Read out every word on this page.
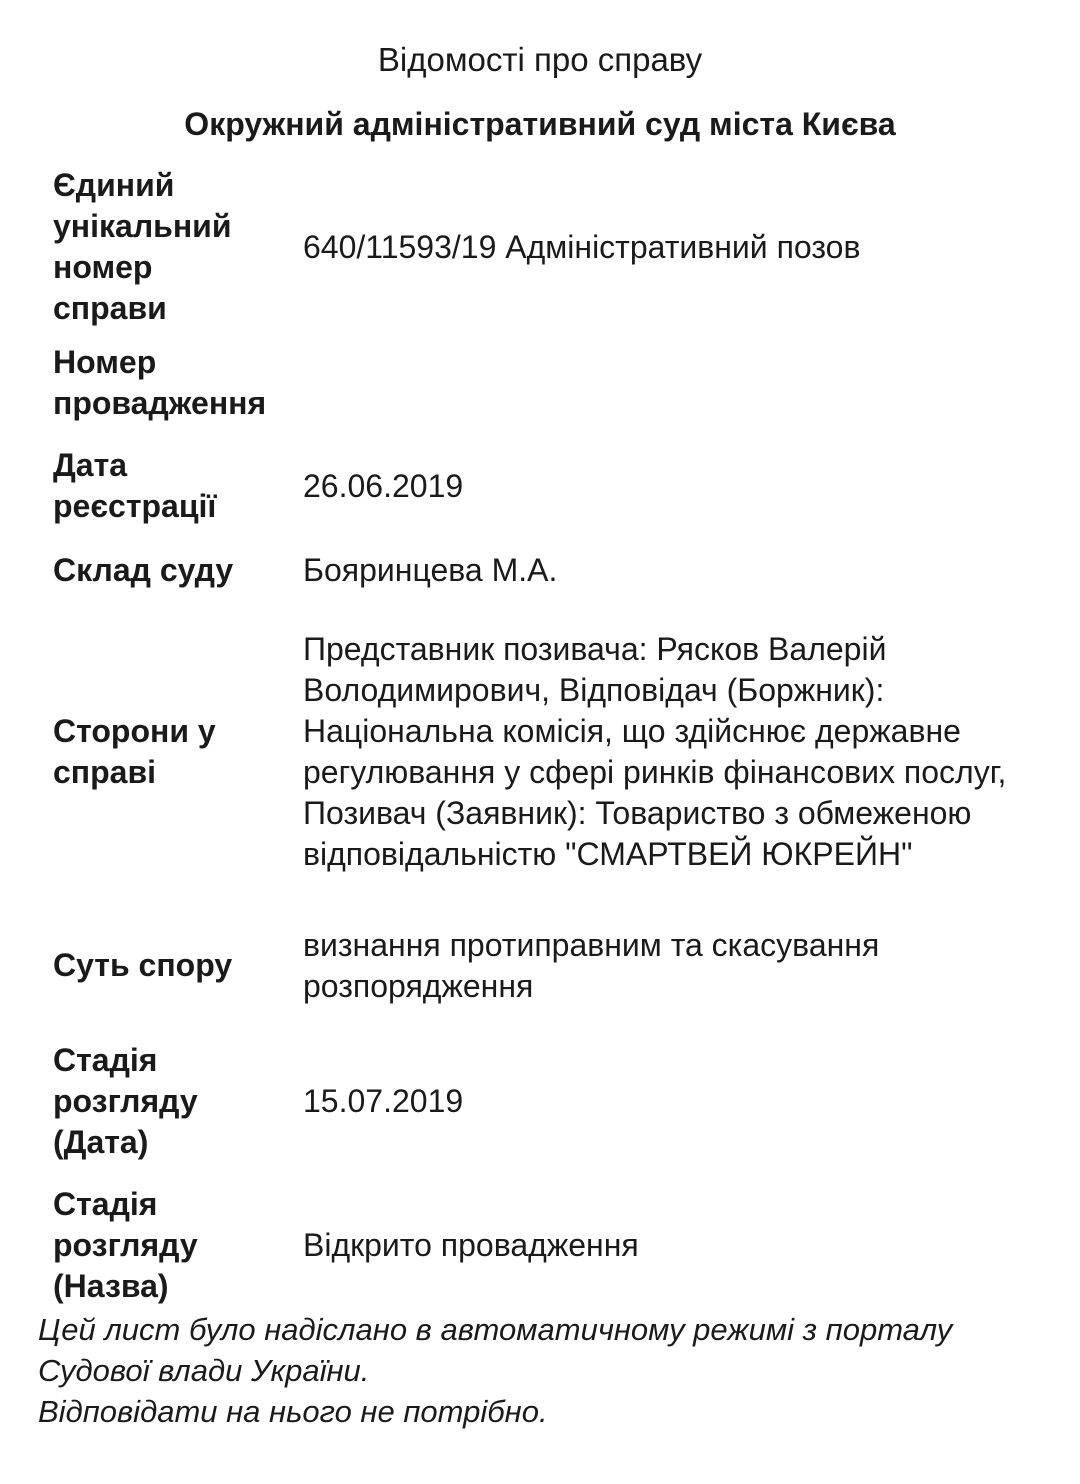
Відомості про справу
Окружний адміністративний суд міста Києва
Єдиний унікальний номер справи	640/11593/19 Адміністративний позов
Номер провадження	
Дата реєстрації	26.06.2019
Склад суду	Бояринцева М.А.
Сторони у справі	Представник позивача: Рясков Валерій Володимирович, Відповідач (Боржник): Національна комісія, що здійснює державне регулювання у сфері ринків фінансових послуг, Позивач (Заявник): Товариство з обмеженою відповідальністю "СМАРТВЕЙ ЮКРЕЙН"
Суть спору	визнання протиправним та скасування розпорядження
Стадія розгляду (Дата)	15.07.2019
Стадія розгляду (Назва)	Відкрито провадження
Цей лист було надіслано в автоматичному режимі з порталу
Судової влади України.
Відповідати на нього не потрібно.
